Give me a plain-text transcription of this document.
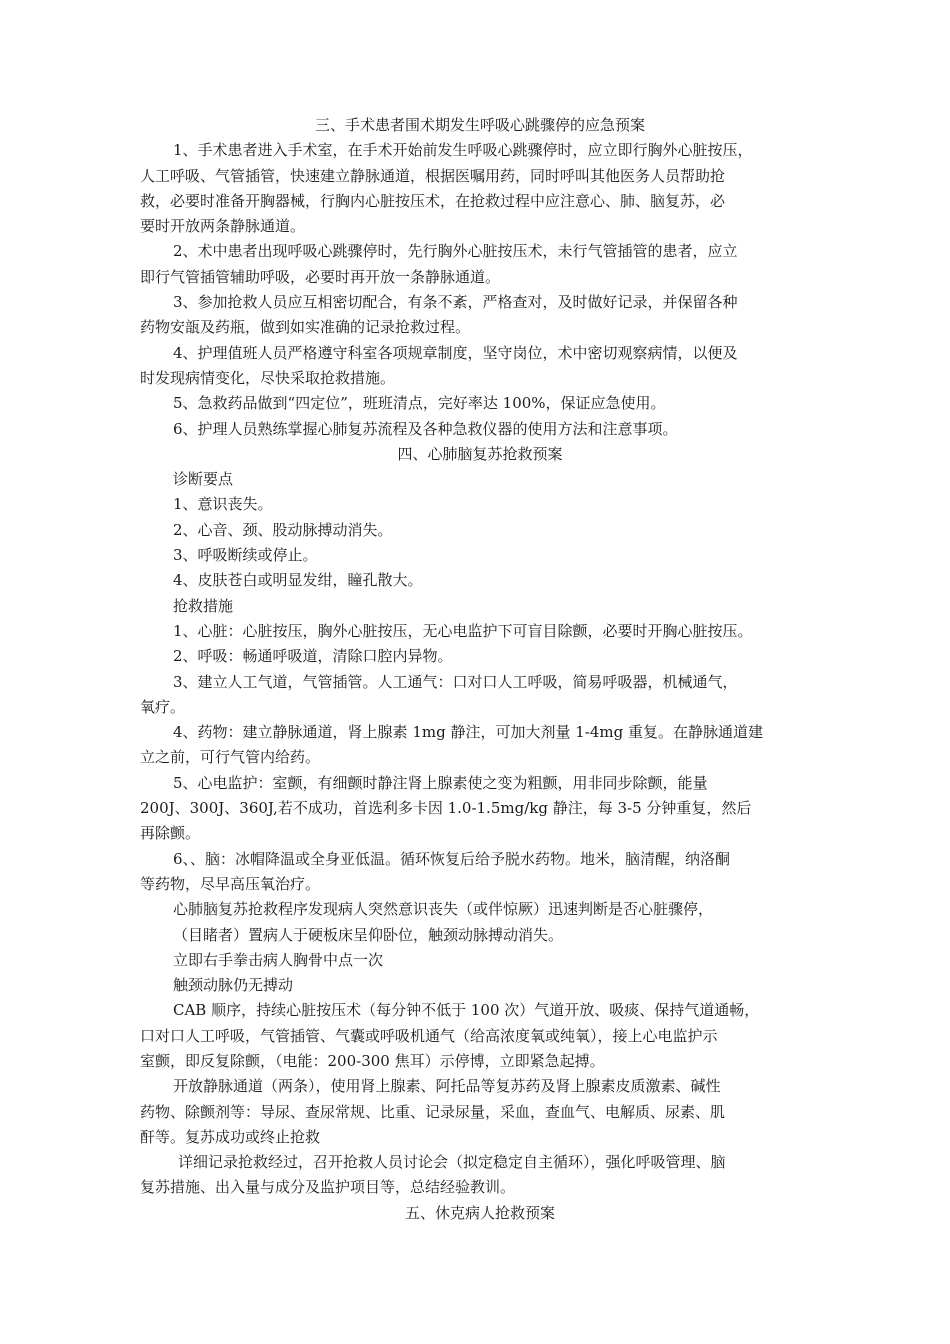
三、手术患者围术期发生呼吸心跳骤停的应急预案
1、手术患者进入手术室，在手术开始前发生呼吸心跳骤停时，应立即行胸外心脏按压，
人工呼吸、气管插管，快速建立静脉通道，根据医嘱用药，同时呼叫其他医务人员帮助抢
救，必要时准备开胸器械，行胸内心脏按压术，在抢救过程中应注意心、肺、脑复苏，必
要时开放两条静脉通道。
2、术中患者出现呼吸心跳骤停时，先行胸外心脏按压术，未行气管插管的患者，应立
即行气管插管辅助呼吸，必要时再开放一条静脉通道。
3、参加抢救人员应互相密切配合，有条不紊，严格查对，及时做好记录，并保留各种
药物安瓿及药瓶，做到如实准确的记录抢救过程。
4、护理值班人员严格遵守科室各项规章制度，坚守岗位，术中密切观察病情，以便及
时发现病情变化，尽快采取抢救措施。
5、急救药品做到“四定位”，班班清点，完好率达 100%，保证应急使用。
6、护理人员熟练掌握心肺复苏流程及各种急救仪器的使用方法和注意事项。
四、心肺脑复苏抢救预案
诊断要点
1、意识丧失。
2、心音、颈、股动脉搏动消失。
3、呼吸断续或停止。
4、皮肤苍白或明显发绀，瞳孔散大。
抢救措施
1、心脏：心脏按压，胸外心脏按压，无心电监护下可盲目除颤，必要时开胸心脏按压。
2、呼吸：畅通呼吸道，清除口腔内异物。
3、建立人工气道，气管插管。人工通气：口对口人工呼吸，简易呼吸器，机械通气，
氧疗。
4、药物：建立静脉通道，肾上腺素 1mg 静注，可加大剂量 1-4mg 重复。在静脉通道建
立之前，可行气管内给药。
5、心电监护：室颤，有细颤时静注肾上腺素使之变为粗颤，用非同步除颤，能量
200J、300J、360J,若不成功，首选利多卡因 1.0-1.5mg/kg 静注，每 3-5 分钟重复，然后
再除颤。
6、、脑：冰帽降温或全身亚低温。循环恢复后给予脱水药物。地米，脑清醒，纳洛酮
等药物，尽早高压氧治疗。
心肺脑复苏抢救程序发现病人突然意识丧失（或伴惊厥）迅速判断是否心脏骤停，
（目睹者）置病人于硬板床呈仰卧位，触颈动脉搏动消失。
立即右手拳击病人胸骨中点一次
触颈动脉仍无搏动
CAB 顺序，持续心脏按压术（每分钟不低于 100 次）气道开放、吸痰、保持气道通畅，
口对口人工呼吸，气管插管、气囊或呼吸机通气（给高浓度氧或纯氧），接上心电监护示
室颤，即反复除颤，（电能：200-300 焦耳）示停博，立即紧急起搏。
开放静脉通道（两条），使用肾上腺素、阿托品等复苏药及肾上腺素皮质激素、碱性
药物、除颤剂等：导尿、查尿常规、比重、记录尿量，采血，查血气、电解质、尿素、肌
酐等。复苏成功或终止抢救
详细记录抢救经过，召开抢救人员讨论会（拟定稳定自主循环），强化呼吸管理、脑
复苏措施、出入量与成分及监护项目等，总结经验教训。
五、休克病人抢救预案
